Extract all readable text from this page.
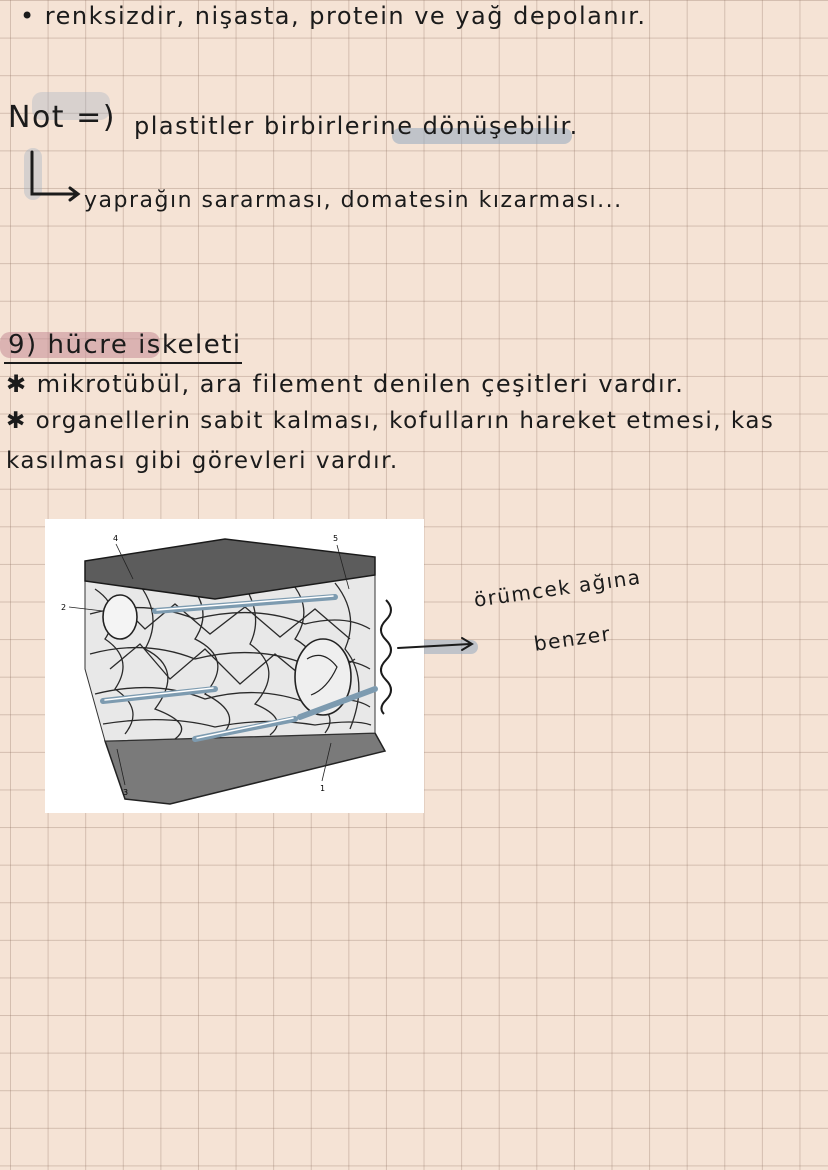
• renksizdir, nişasta, protein ve yağ depolanır.

Not =) plastitler birbirlerine dönüşebilir.

yaprağın sararması, domatesin kızarması...

9) hücre iskeleti

✱ mikrotübül, ara filement denilen çeşitleri vardır.

✱ organellerin sabit kalması, kofulların hareket etmesi, kas

kasılması gibi görevleri vardır.

4	5
2
3	1

örümcek ağına

benzer
